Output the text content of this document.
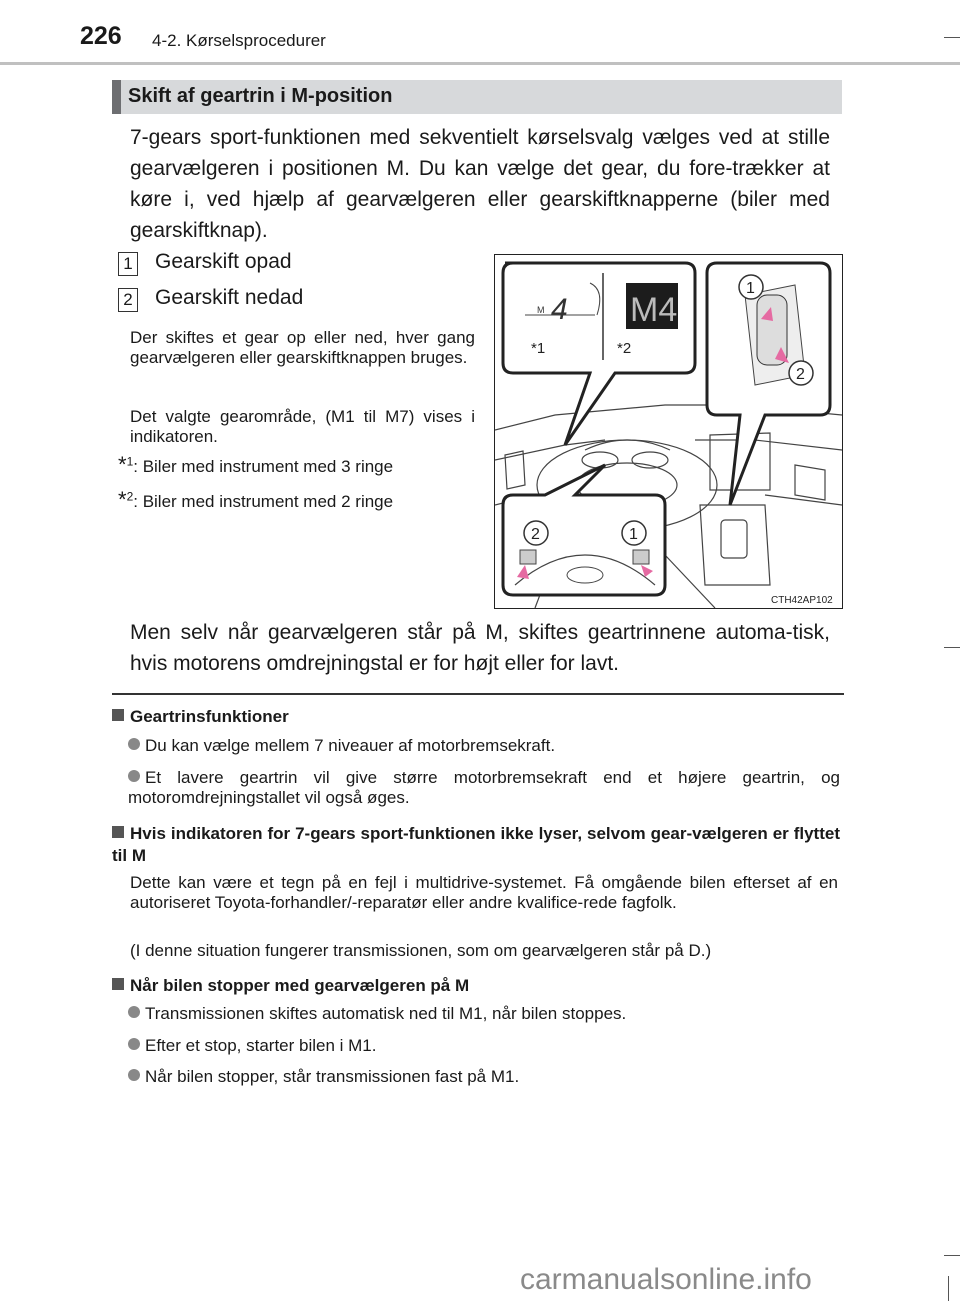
226 4-2. Kørselsprocedurer
Skift af geartrin i M-position
7-gears sport-funktionen med sekventielt kørselsvalg vælges ved at stille gearvælgeren i positionen M. Du kan vælge det gear, du fore-trækker at køre i, ved hjælp af gearvælgeren eller gearskiftknapperne (biler med gearskiftknap).
1 Gearskift opad
2 Gearskift nedad
Der skiftes et gear op eller ned, hver gang gearvælgeren eller gearskiftknappen bruges.
Det valgte gearområde, (M1 til M7) vises i indikatoren.
*$^1$: Biler med instrument med 3 ringe
*$^2$: Biler med instrument med 2 ringe
M 4 M4
*1	*2
1
2
2	1
CTH42AP102
Men selv når gearvælgeren står på M, skiftes geartrinnene automa-tisk, hvis motorens omdrejningstal er for højt eller for lavt.
Geartrinsfunktioner
Du kan vælge mellem 7 niveauer af motorbremsekraft.
Et lavere geartrin vil give større motorbremsekraft end et højere geartrin, og motoromdrejningstallet vil også øges.
Hvis indikatoren for 7-gears sport-funktionen ikke lyser, selvom gear-vælgeren er flyttet til M
Dette kan være et tegn på en fejl i multidrive-systemet. Få omgående bilen efterset af en autoriseret Toyota-forhandler/-reparatør eller andre kvalifice-rede fagfolk.
(I denne situation fungerer transmissionen, som om gearvælgeren står på D.)
Når bilen stopper med gearvælgeren på M
Transmissionen skiftes automatisk ned til M1, når bilen stoppes.
Efter et stop, starter bilen i M1.
Når bilen stopper, står transmissionen fast på M1.
carmanualsonline.info
